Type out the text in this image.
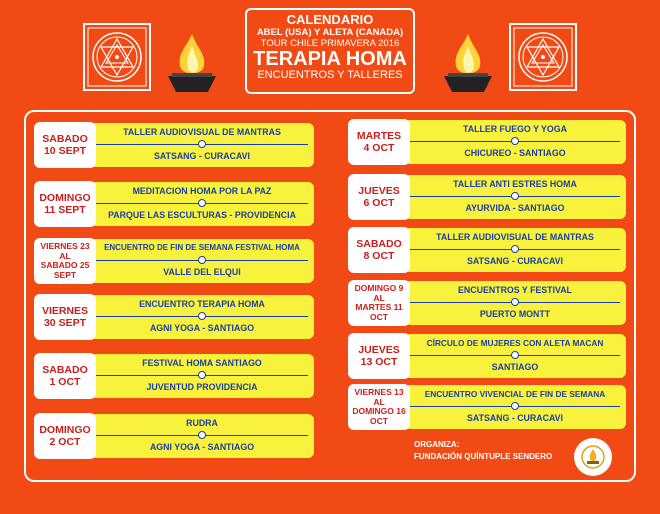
CALENDARIO
ABEL (USA) Y ALETA (CANADA)
TOUR CHILE PRIMAVERA 2016
TERAPIA HOMA
ENCUENTROS Y TALLERES
SABADO
10 SEPT
TALLER AUDIOVISUAL DE MANTRAS
SATSANG - CURACAVI
DOMINGO
11 SEPT
MEDITACION HOMA POR LA PAZ
PARQUE LAS ESCULTURAS - PROVIDENCIA
VIERNES 23
AL
SABADO 25
SEPT
ENCUENTRO DE FIN DE SEMANA FESTIVAL HOMA
VALLE DEL ELQUI
VIERNES
30 SEPT
ENCUENTRO TERAPIA HOMA
AGNI YOGA - SANTIAGO
SABADO
1 OCT
FESTIVAL HOMA SANTIAGO
JUVENTUD PROVIDENCIA
DOMINGO
2 OCT
RUDRA
AGNI YOGA - SANTIAGO
MARTES
4 OCT
TALLER FUEGO Y YOGA
CHICUREO - SANTIAGO
JUEVES
6 OCT
TALLER ANTI ESTRES HOMA
AYURVIDA - SANTIAGO
SABADO
8 OCT
TALLER AUDIOVISUAL DE MANTRAS
SATSANG - CURACAVI
DOMINGO 9
AL
MARTES 11
OCT
ENCUENTROS Y FESTIVAL
PUERTO MONTT
JUEVES
13 OCT
CÍRCULO DE MUJERES CON ALETA MACAN
SANTIAGO
VIERNES 13
AL
DOMINGO 16
OCT
ENCUENTRO VIVENCIAL DE FIN DE SEMANA
SATSANG - CURACAVI
ORGANIZA:
FUNDACIÓN QUÍNTUPLE SENDERO
